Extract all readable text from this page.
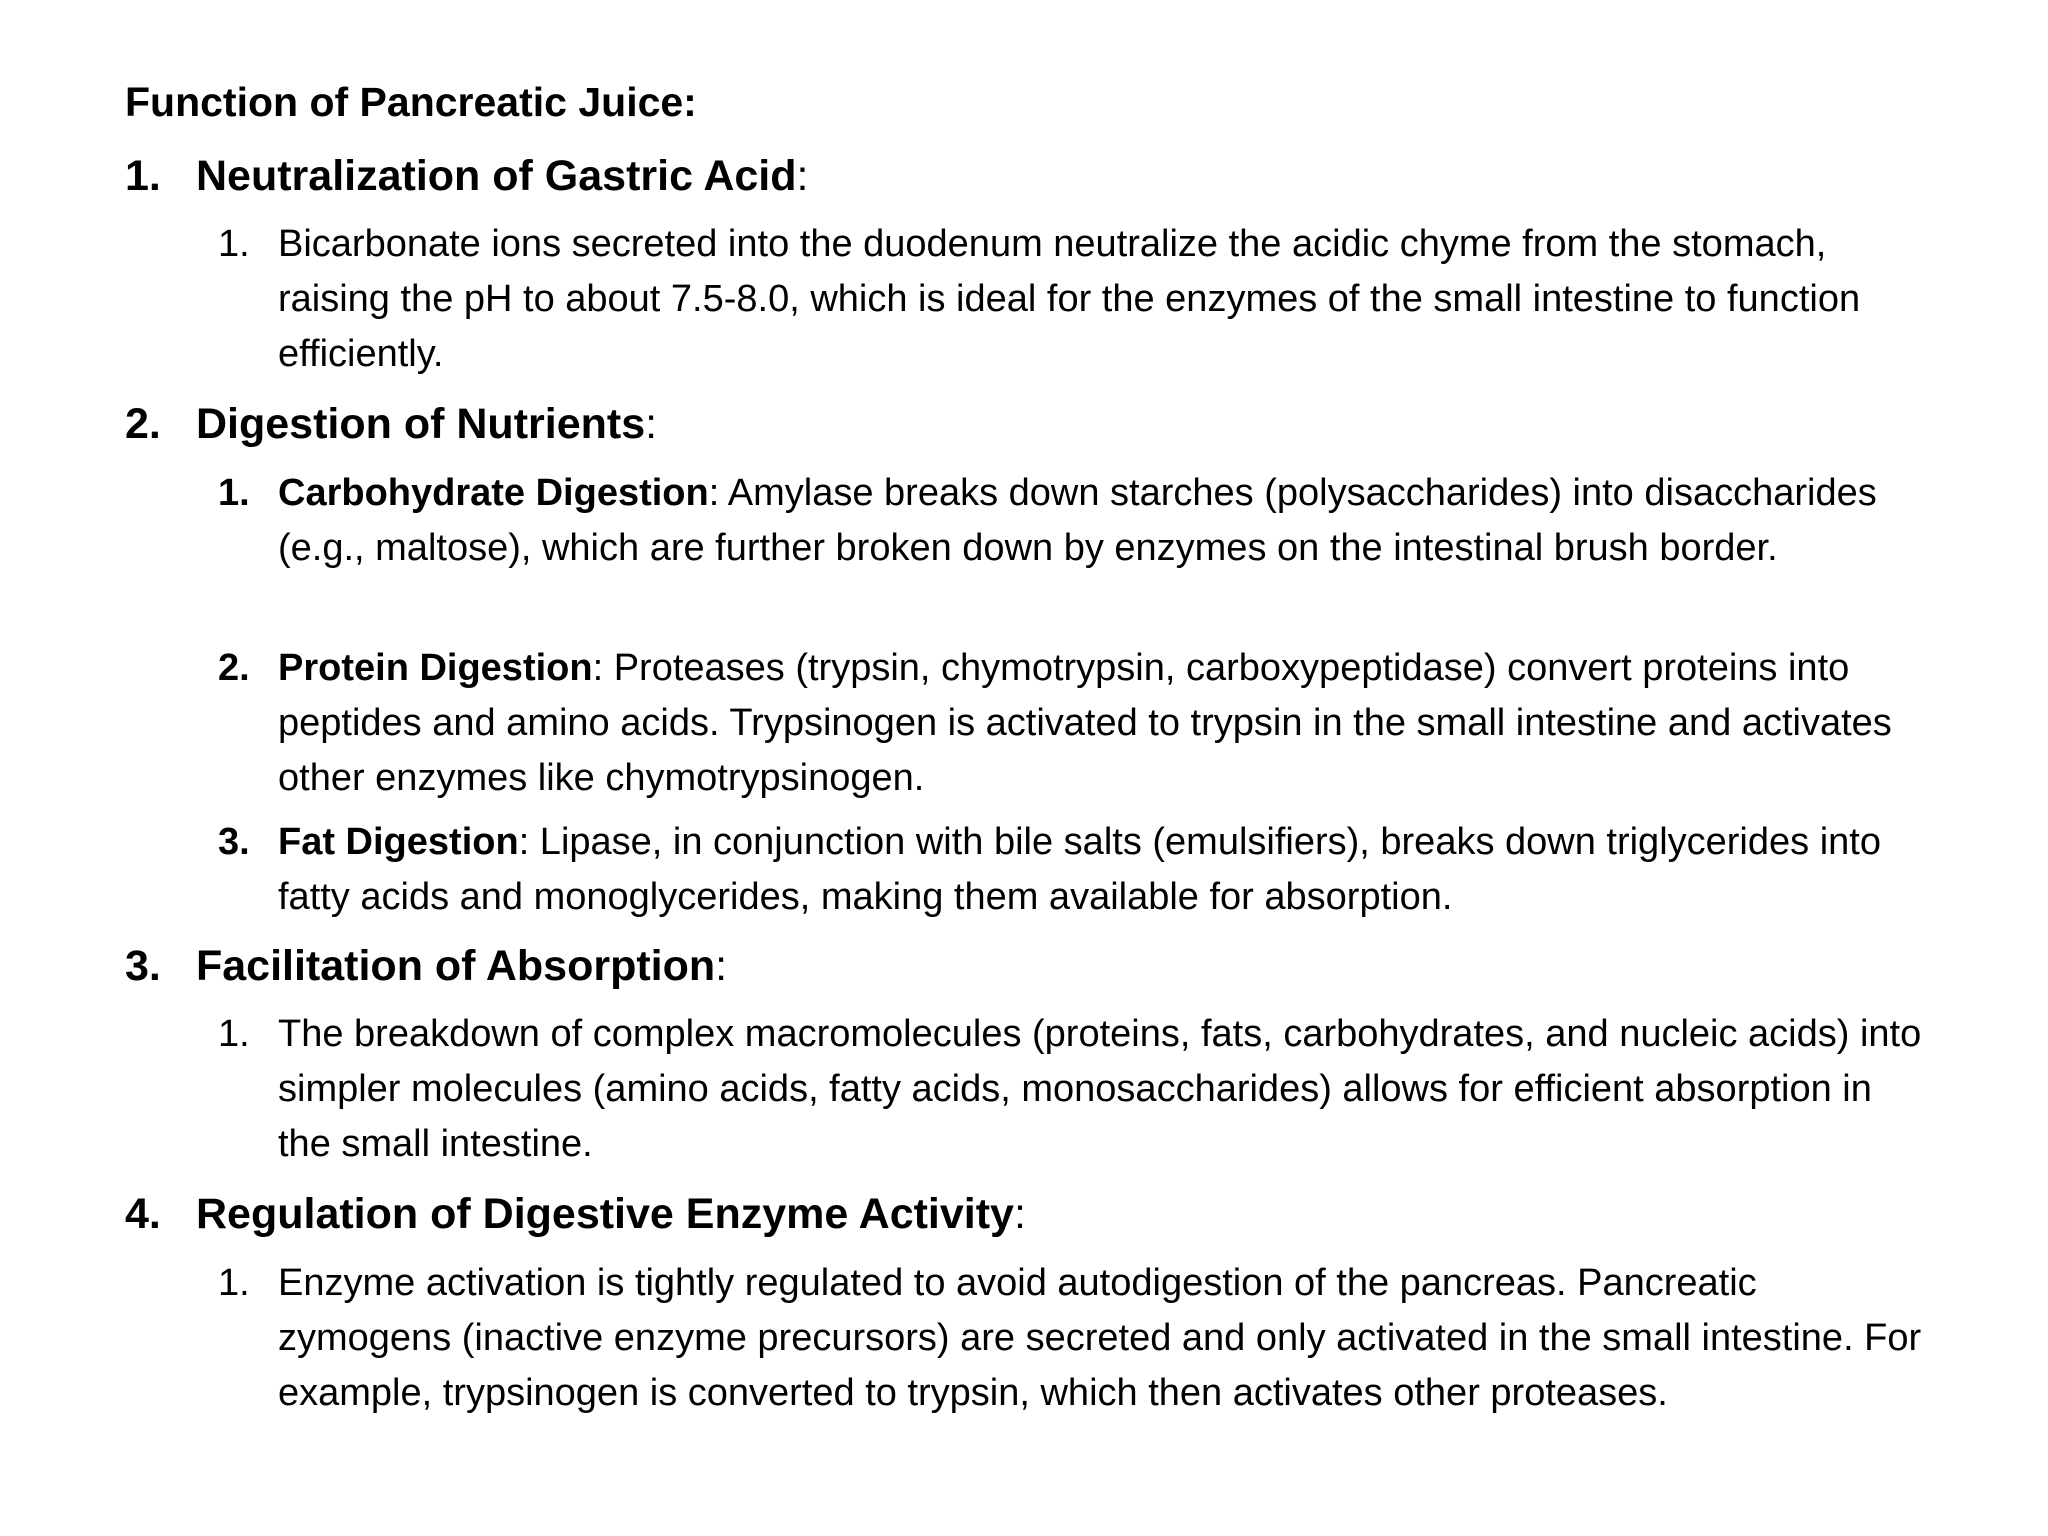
Function of Pancreatic Juice:
1. Neutralization of Gastric Acid:
1. Bicarbonate ions secreted into the duodenum neutralize the acidic chyme from the stomach, raising the pH to about 7.5-8.0, which is ideal for the enzymes of the small intestine to function efficiently.
2. Digestion of Nutrients:
1. Carbohydrate Digestion: Amylase breaks down starches (polysaccharides) into disaccharides (e.g., maltose), which are further broken down by enzymes on the intestinal brush border.
2. Protein Digestion: Proteases (trypsin, chymotrypsin, carboxypeptidase) convert proteins into peptides and amino acids. Trypsinogen is activated to trypsin in the small intestine and activates other enzymes like chymotrypsinogen.
3. Fat Digestion: Lipase, in conjunction with bile salts (emulsifiers), breaks down triglycerides into fatty acids and monoglycerides, making them available for absorption.
3. Facilitation of Absorption:
1. The breakdown of complex macromolecules (proteins, fats, carbohydrates, and nucleic acids) into simpler molecules (amino acids, fatty acids, monosaccharides) allows for efficient absorption in the small intestine.
4. Regulation of Digestive Enzyme Activity:
1. Enzyme activation is tightly regulated to avoid autodigestion of the pancreas. Pancreatic zymogens (inactive enzyme precursors) are secreted and only activated in the small intestine. For example, trypsinogen is converted to trypsin, which then activates other proteases.
